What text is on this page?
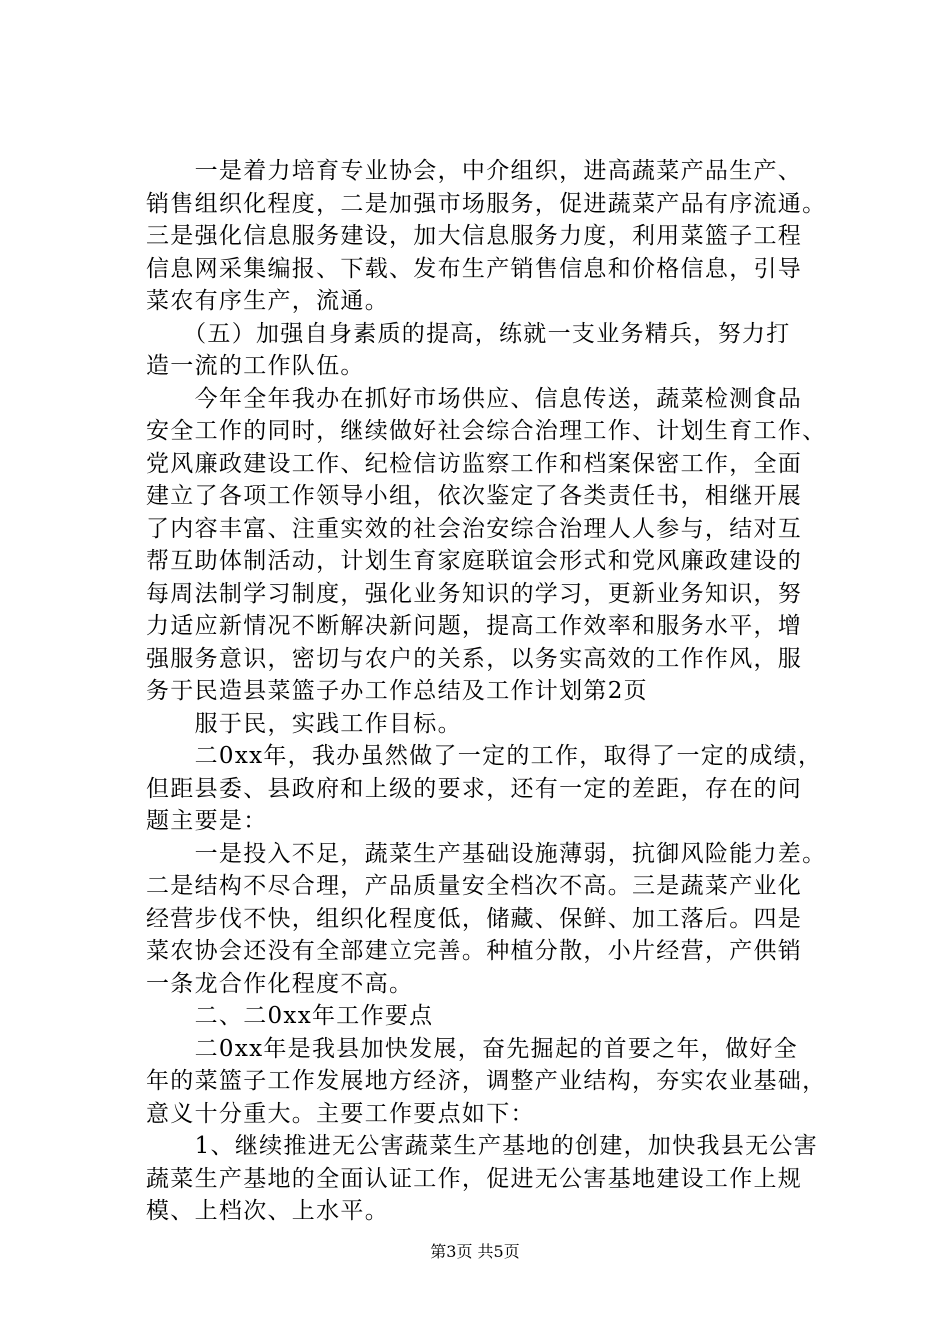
　　一是着力培育专业协会，中介组织，进高蔬菜产品生产、
销售组织化程度，二是加强市场服务，促进蔬菜产品有序流通。
三是强化信息服务建设，加大信息服务力度，利用菜篮子工程
信息网采集编报、下载、发布生产销售信息和价格信息，引导
菜农有序生产，流通。
　　（五）加强自身素质的提高，练就一支业务精兵，努力打
造一流的工作队伍。
　　今年全年我办在抓好市场供应、信息传送，蔬菜检测食品
安全工作的同时，继续做好社会综合治理工作、计划生育工作、
党风廉政建设工作、纪检信访监察工作和档案保密工作，全面
建立了各项工作领导小组，依次鉴定了各类责任书，相继开展
了内容丰富、注重实效的社会治安综合治理人人参与，结对互
帮互助体制活动，计划生育家庭联谊会形式和党风廉政建设的
每周法制学习制度，强化业务知识的学习，更新业务知识，努
力适应新情况不断解决新问题，提高工作效率和服务水平，增
强服务意识，密切与农户的关系，以务实高效的工作作风，服
务于民造县菜篮子办工作总结及工作计划第2页
　　服于民，实践工作目标。
　　二0xx年，我办虽然做了一定的工作，取得了一定的成绩，
但距县委、县政府和上级的要求，还有一定的差距，存在的问
题主要是：
　　一是投入不足，蔬菜生产基础设施薄弱，抗御风险能力差。
二是结构不尽合理，产品质量安全档次不高。三是蔬菜产业化
经营步伐不快，组织化程度低，储藏、保鲜、加工落后。四是
菜农协会还没有全部建立完善。种植分散，小片经营，产供销
一条龙合作化程度不高。
　　二、二0xx年工作要点
　　二0xx年是我县加快发展，奋先掘起的首要之年，做好全
年的菜篮子工作发展地方经济，调整产业结构，夯实农业基础，
意义十分重大。主要工作要点如下：
　　1、继续推进无公害蔬菜生产基地的创建，加快我县无公害
蔬菜生产基地的全面认证工作，促进无公害基地建设工作上规
模、上档次、上水平。
第3页 共5页
